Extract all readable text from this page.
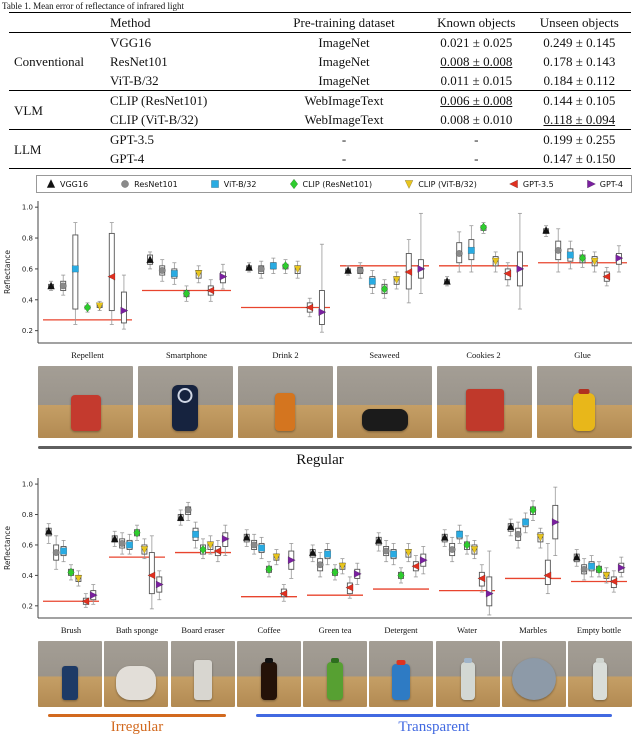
Table 1. Mean error of reflectance of infrared light
	Method	Pre-training dataset	Known objects	Unseen objects
Conventional	VGG16	ImageNet	0.021 ± 0.025	0.249 ± 0.145
	ResNet101	ImageNet	0.008 ± 0.008	0.178 ± 0.143
	ViT-B/32	ImageNet	0.011 ± 0.015	0.184 ± 0.112
VLM	CLIP (ResNet101)	WebImageText	0.006 ± 0.008	0.144 ± 0.105
	CLIP (ViT-B/32)	WebImageText	0.008 ± 0.010	0.118 ± 0.094
LLM	GPT-3.5	-	-	0.199 ± 0.255
	GPT-4	-	-	0.147 ± 0.150
VGG16	ResNet101	ViT-B/32	CLIP (ResNet101)	CLIP (ViT-B/32)	GPT-3.5	GPT-4
0.2
0.4
0.6
0.8
1.0
Reflectance
Repellent	Smartphone	Drink 2	Seaweed	Cookies 2	Glue
Regular
0.2
0.4
0.6
0.8
1.0
Reflectance
Brush	Bath sponge	Board eraser	Coffee	Green tea	Detergent	Water	Marbles	Empty bottle
Irregular	Transparent
